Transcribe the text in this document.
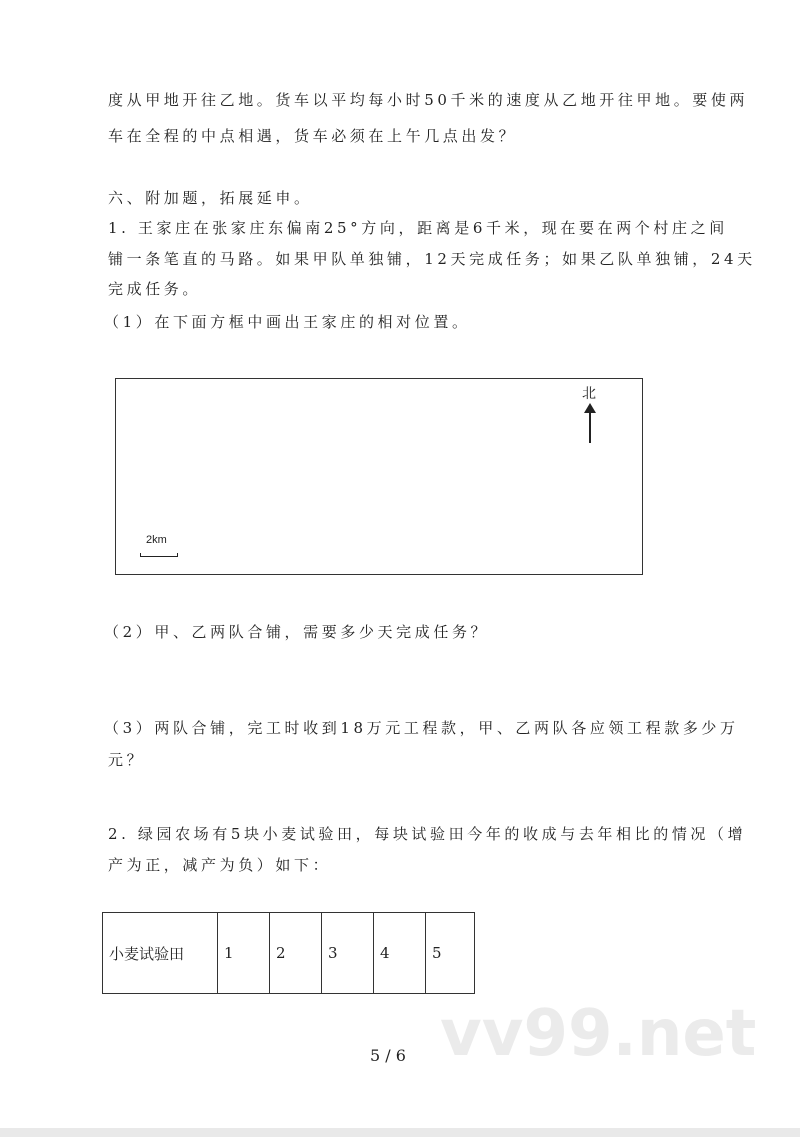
度从甲地开往乙地。货车以平均每小时50千米的速度从乙地开往甲地。要使两
车在全程的中点相遇，货车必须在上午几点出发？
六、附加题，拓展延申。
1. 王家庄在张家庄东偏南25°方向，距离是6千米，现在要在两个村庄之间
铺一条笔直的马路。如果甲队单独铺，12天完成任务；如果乙队单独铺，24天
完成任务。
（1）在下面方框中画出王家庄的相对位置。
北
2km
（2）甲、乙两队合铺，需要多少天完成任务？
（3）两队合铺，完工时收到18万元工程款，甲、乙两队各应领工程款多少万
元？
2. 绿园农场有5块小麦试验田，每块试验田今年的收成与去年相比的情况（增
产为正，减产为负）如下：
小麦试验田	1	2	3	4	5
vv99.net
5 / 6
